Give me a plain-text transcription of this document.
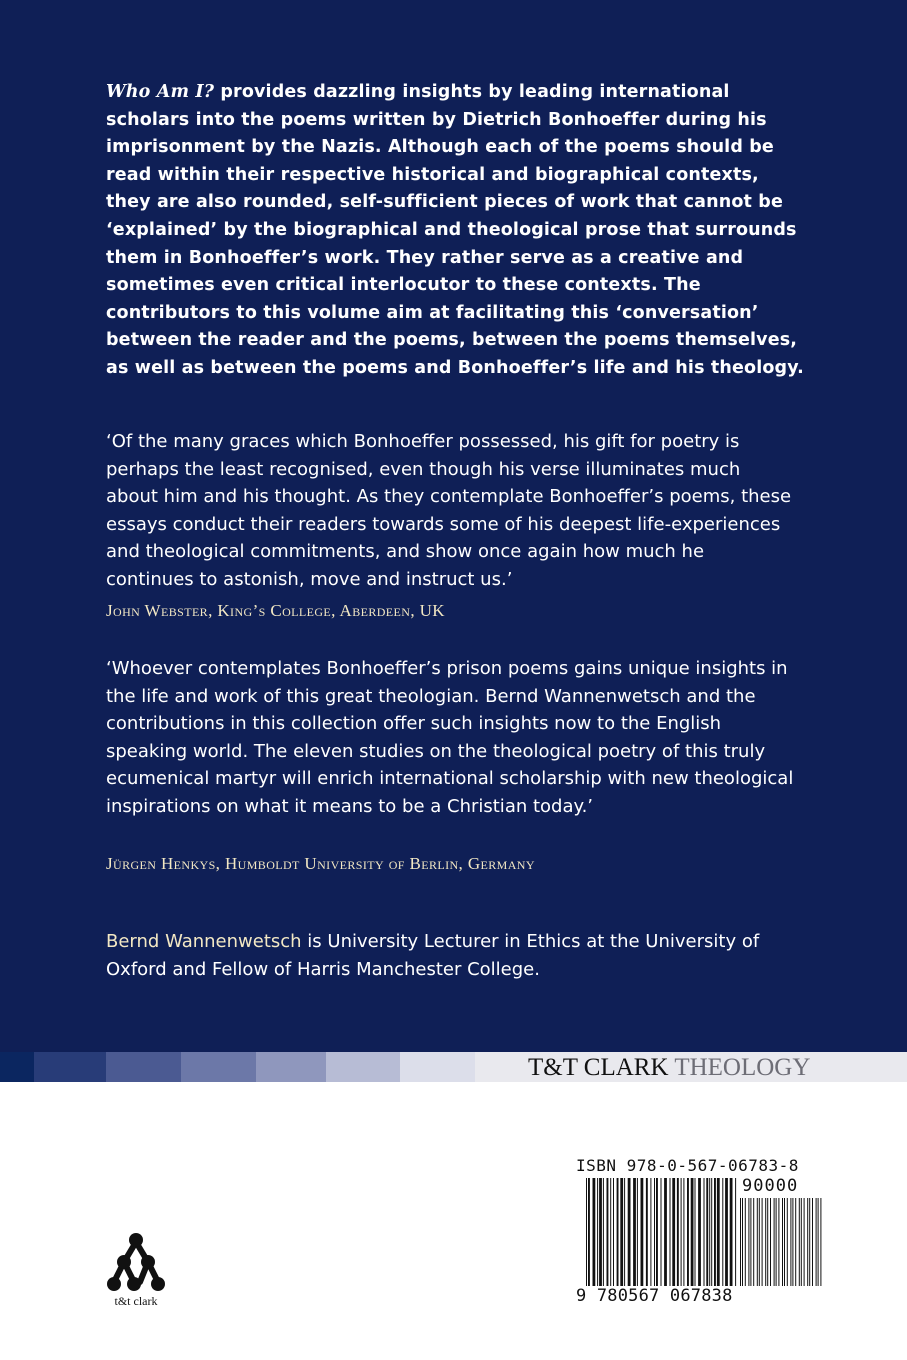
Who Am I? provides dazzling insights by leading international scholars into the poems written by Dietrich Bonhoeffer during his imprisonment by the Nazis. Although each of the poems should be read within their respective historical and biographical contexts, they are also rounded, self-sufficient pieces of work that cannot be ‘explained’ by the biographical and theological prose that surrounds them in Bonhoeffer’s work. They rather serve as a creative and sometimes even critical interlocutor to these contexts. The contributors to this volume aim at facilitating this ‘conversation’ between the reader and the poems, between the poems themselves, as well as between the poems and Bonhoeffer’s life and his theology.

‘Of the many graces which Bonhoeffer possessed, his gift for poetry is perhaps the least recognised, even though his verse illuminates much about him and his thought. As they contemplate Bonhoeffer’s poems, these essays conduct their readers towards some of his deepest life-experiences and theological commitments, and show once again how much he continues to astonish, move and instruct us.’

John Webster, King’s College, Aberdeen, UK

‘Whoever contemplates Bonhoeffer’s prison poems gains unique insights in the life and work of this great theologian. Bernd Wannenwetsch and the contributions in this collection offer such insights now to the English speaking world. The eleven studies on the theological poetry of this truly ecumenical martyr will enrich international scholarship with new theological inspirations on what it means to be a Christian today.’

Jürgen Henkys, Humboldt University of Berlin, Germany

Bernd Wannenwetsch is University Lecturer in Ethics at the University of Oxford and Fellow of Harris Manchester College.

T&T CLARK THEOLOGY

t&t clark

ISBN 978-0-567-06783-8

90000

9 780567 067838
